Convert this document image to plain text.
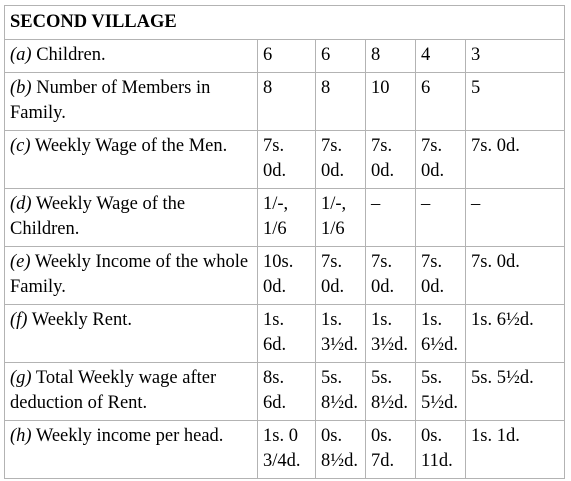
SECOND VILLAGE					
(a) Children.	6	6	8	4	3
(b) Number of Members in Family.	8	8	10	6	5
(c) Weekly Wage of the Men.	7s. 0d.	7s. 0d.	7s. 0d.	7s. 0d.	7s. 0d.
(d) Weekly Wage of the Children.	1/-, 1/6	1/-, 1/6	–	–	–
(e) Weekly Income of the whole Family.	10s. 0d.	7s. 0d.	7s. 0d.	7s. 0d.	7s. 0d.
(f) Weekly Rent.	1s. 6d.	1s. 3½d.	1s. 3½d.	1s. 6½d.	1s. 6½d.
(g) Total Weekly wage after deduction of Rent.	8s. 6d.	5s. 8½d.	5s. 8½d.	5s. 5½d.	5s. 5½d.
(h) Weekly income per head.	1s. 0 3/4d.	0s. 8½d.	0s. 7d.	0s. 11d.	1s. 1d.
